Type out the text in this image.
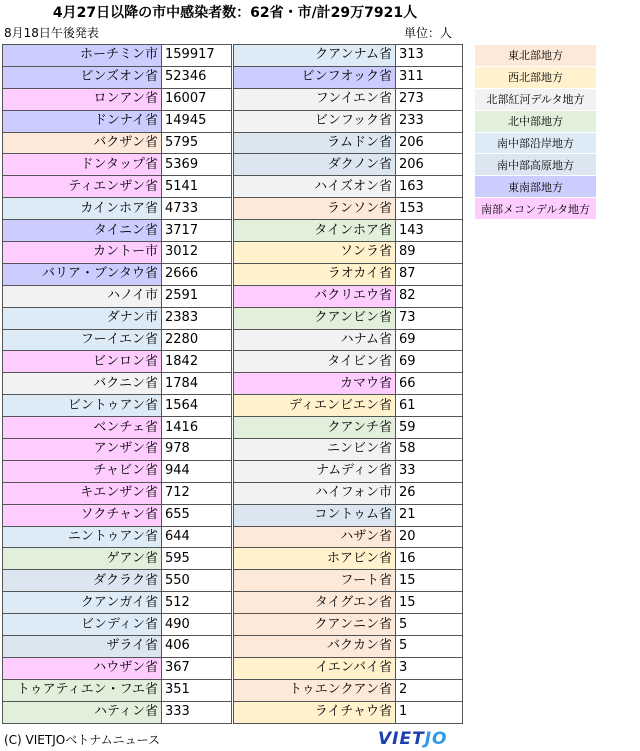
4月27日以降の市中感染者数：62省・市/計29万7921人
8月18日午後発表	単位：人
ホーチミン市	159917
ビンズオン省	52346
ロンアン省	16007
ドンナイ省	14945
バクザン省	5795
ドンタップ省	5369
ティエンザン省	5141
カインホア省	4733
タイニン省	3717
カントー市	3012
バリア・ブンタウ省	2666
ハノイ市	2591
ダナン市	2383
フーイエン省	2280
ビンロン省	1842
バクニン省	1784
ビントゥアン省	1564
ベンチェ省	1416
アンザン省	978
チャビン省	944
キエンザン省	712
ソクチャン省	655
ニントゥアン省	644
ゲアン省	595
ダクラク省	550
クアンガイ省	512
ビンディン省	490
ザライ省	406
ハウザン省	367
トゥアティエン・フエ省	351
ハティン省	333
クアンナム省	313
ビンフオック省	311
フンイエン省	273
ビンフック省	233
ラムドン省	206
ダクノン省	206
ハイズオン省	163
ランソン省	153
タインホア省	143
ソンラ省	89
ラオカイ省	87
バクリエウ省	82
クアンビン省	73
ハナム省	69
タイビン省	69
カマウ省	66
ディエンビエン省	61
クアンチ省	59
ニンビン省	58
ナムディン省	33
ハイフォン市	26
コントゥム省	21
ハザン省	20
ホアビン省	16
フート省	15
タイグエン省	15
クアンニン省	5
バクカン省	5
イエンバイ省	3
トゥエンクアン省	2
ライチャウ省	1
東北部地方
西北部地方
北部紅河デルタ地方
北中部地方
南中部沿岸地方
南中部高原地方
東南部地方
南部メコンデルタ地方
(C) VIETJOベトナムニュース	VIETJO
